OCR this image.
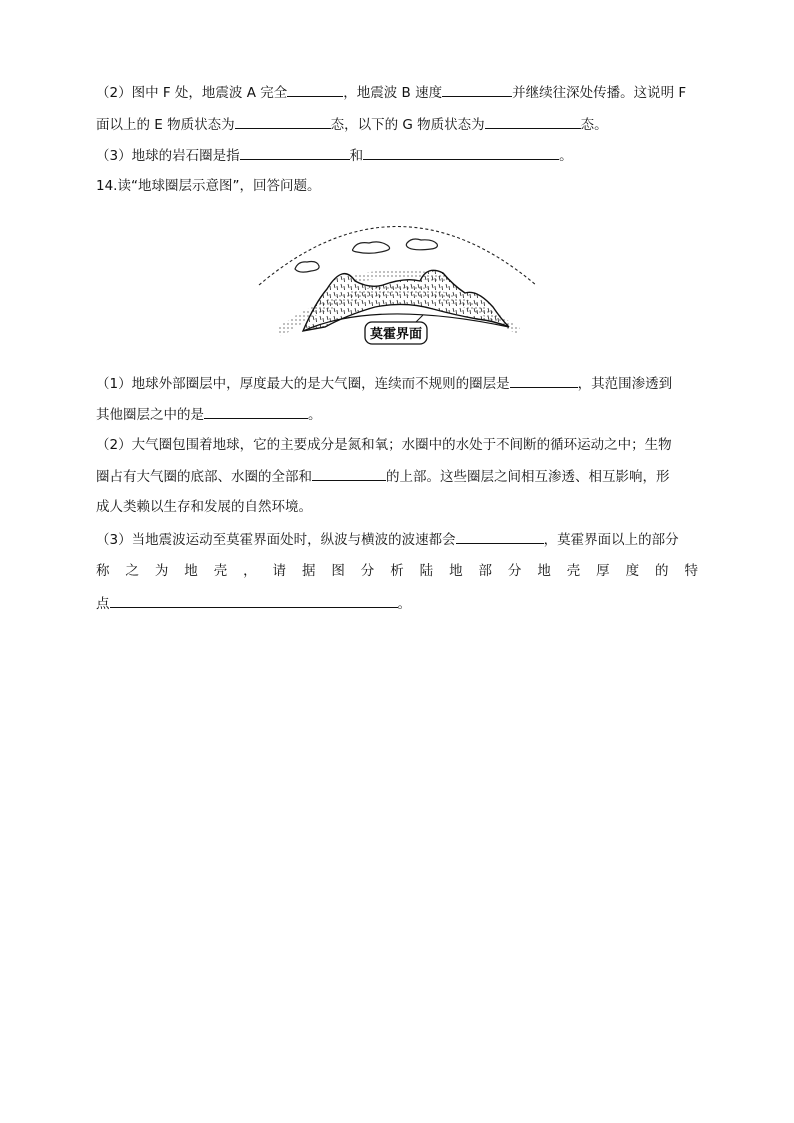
（2）图中 F 处，地震波 A 完全	，地震波 B 速度	并继续往深处传播。这说明 F
面以上的 E 物质状态为	态，以下的 G 物质状态为	态。
（3）地球的岩石圈是指	和	。
14.读“地球圈层示意图”，回答问题。
莫霍界面
（1）地球外部圈层中，厚度最大的是大气圈，连续而不规则的圈层是	，其范围渗透到
其他圈层之中的是	。
（2）大气圈包围着地球，它的主要成分是氮和氧；水圈中的水处于不间断的循环运动之中；生物
圈占有大气圈的底部、水圈的全部和	的上部。这些圈层之间相互渗透、相互影响，形
成人类赖以生存和发展的自然环境。
（3）当地震波运动至莫霍界面处时，纵波与横波的波速都会	，莫霍界面以上的部分
称 之 为 地 壳 ， 请 据 图 分 析 陆 地 部 分 地 壳 厚 度 的 特
点	。
